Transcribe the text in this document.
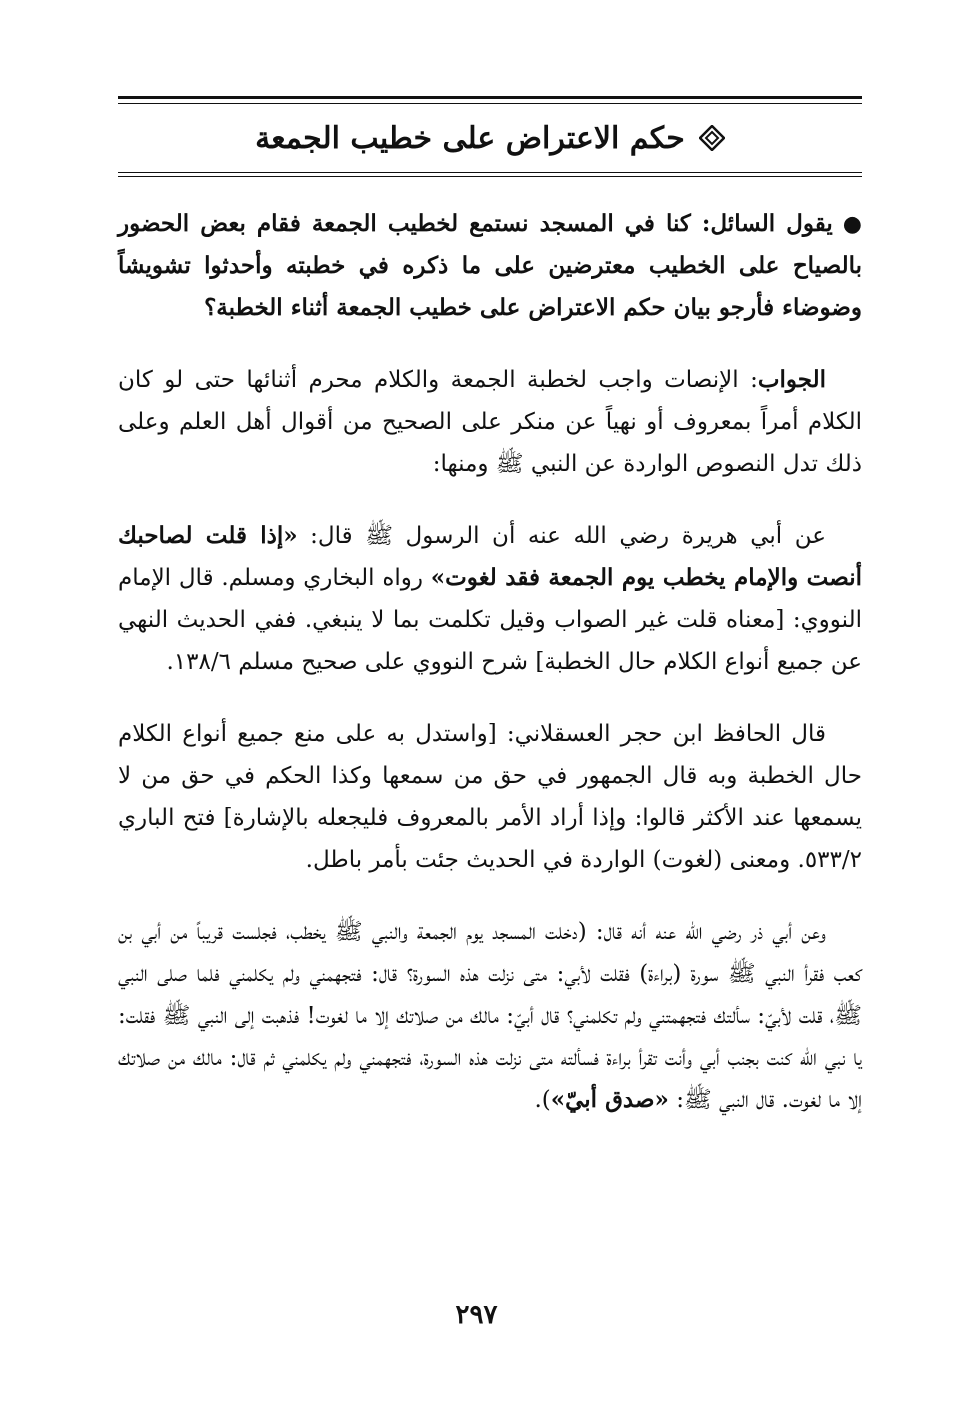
حكم الاعتراض على خطيب الجمعة

●يقول السائل: كنا في المسجد نستمع لخطيب الجمعة فقام بعض الحضور بالصياح على الخطيب معترضين على ما ذكره في خطبته وأحدثوا تشويشاً وضوضاء فأرجو بيان حكم الاعتراض على خطيب الجمعة أثناء الخطبة؟

الجواب: الإنصات واجب لخطبة الجمعة والكلام محرم أثنائها حتى لو كان الكلام أمراً بمعروف أو نهياً عن منكر على الصحيح من أقوال أهل العلم وعلى ذلك تدل النصوص الواردة عن النبي ﷺ ومنها:

عن أبي هريرة رضي الله عنه أن الرسول ﷺ قال: «إذا قلت لصاحبك أنصت والإمام يخطب يوم الجمعة فقد لغوت» رواه البخاري ومسلم. قال الإمام النووي: [معناه قلت غير الصواب وقيل تكلمت بما لا ينبغي. ففي الحديث النهي عن جميع أنواع الكلام حال الخطبة] شرح النووي على صحيح مسلم ١٣٨/٦.

قال الحافظ ابن حجر العسقلاني: [واستدل به على منع جميع أنواع الكلام حال الخطبة وبه قال الجمهور في حق من سمعها وكذا الحكم في حق من لا يسمعها عند الأكثر قالوا: وإذا أراد الأمر بالمعروف فليجعله بالإشارة] فتح الباري ٥٣٣/٢. ومعنى (لغوت) الواردة في الحديث جئت بأمر باطل.

وعن أبي ذر رضي الله عنه أنه قال: (دخلت المسجد يوم الجمعة والنبي ﷺ يخطب، فجلست قريباً من أبي بن كعب فقرأ النبي ﷺ سورة (براءة) فقلت لأبي: متى نزلت هذه السورة؟ قال: فتجهمني ولم يكلمني فلما صلى النبي ﷺ، قلت لأبيّ: سألتك فتجهمتني ولم تكلمني؟ قال أبيّ: مالك من صلاتك إلا ما لغوت! فذهبت إلى النبي ﷺ فقلت: يا نبي الله كنت بجنب أبي وأنت تقرأ براءة فسألته متى نزلت هذه السورة، فتجهمني ولم يكلمني ثم قال: مالك من صلاتك إلا ما لغوت. قال النبي ﷺ: «صدق أبيّ»).

٢٩٧
